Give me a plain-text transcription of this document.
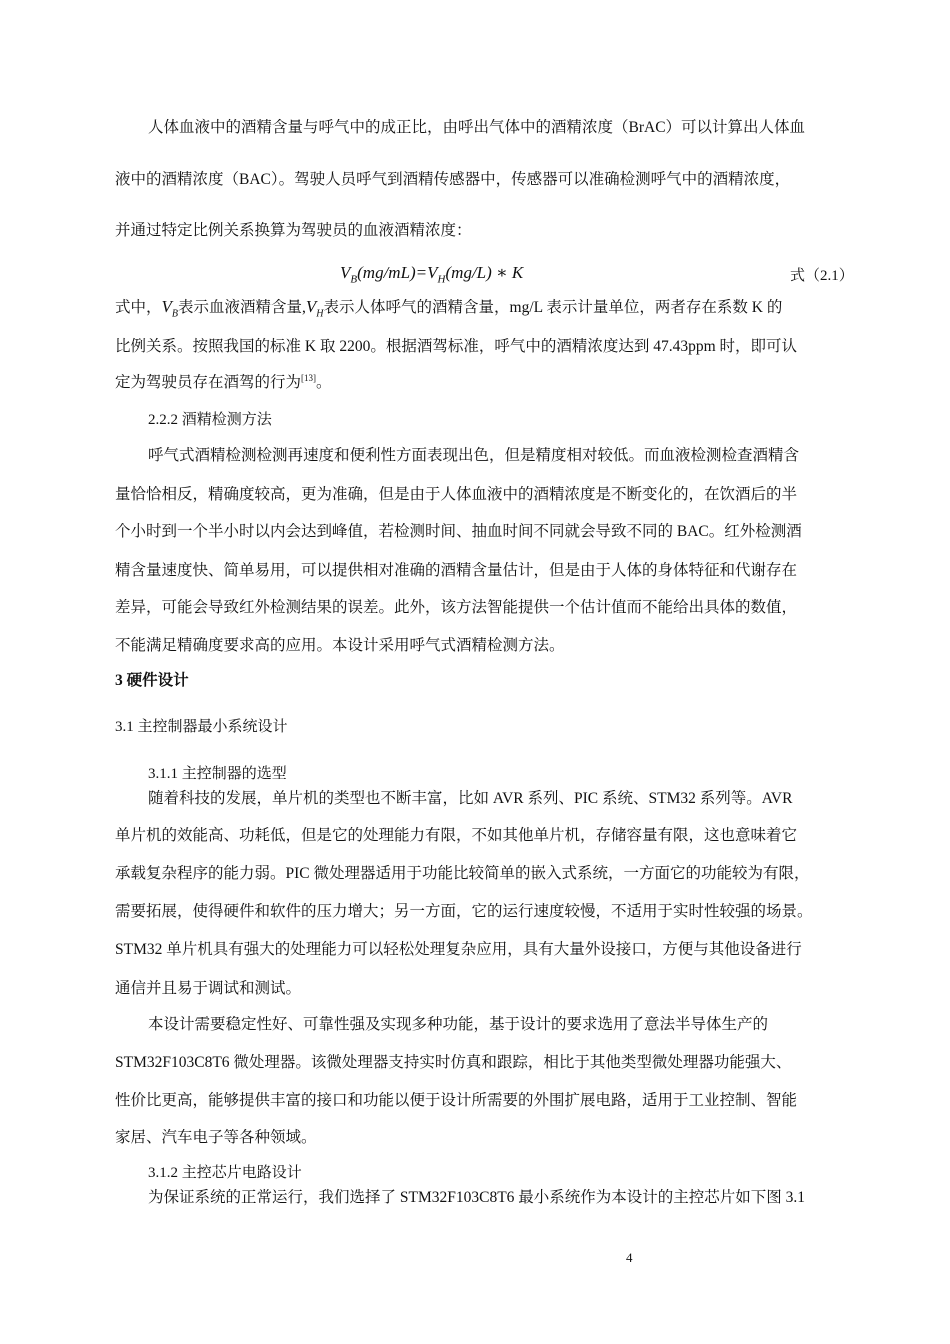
人体血液中的酒精含量与呼气中的成正比，由呼出气体中的酒精浓度（BrAC）可以计算出人体血
液中的酒精浓度（BAC）。驾驶人员呼气到酒精传感器中，传感器可以准确检测呼气中的酒精浓度，
并通过特定比例关系换算为驾驶员的血液酒精浓度：
$V_B(mg/mL)=V_H(mg/L)$ ∗ K	式（2.1）
式中，$V_B$表示血液酒精含量$,V_H$表示人体呼气的酒精含量，mg/L 表示计量单位，两者存在系数 K 的
比例关系。按照我国的标准 K 取 2200。根据酒驾标准，呼气中的酒精浓度达到 47.43ppm 时，即可认
定为驾驶员存在酒驾的行为[13]。
2.2.2 酒精检测方法
呼气式酒精检测检测再速度和便利性方面表现出色，但是精度相对较低。而血液检测检查酒精含
量恰恰相反，精确度较高，更为准确，但是由于人体血液中的酒精浓度是不断变化的，在饮酒后的半
个小时到一个半小时以内会达到峰值，若检测时间、抽血时间不同就会导致不同的 BAC。红外检测酒
精含量速度快、简单易用，可以提供相对准确的酒精含量估计，但是由于人体的身体特征和代谢存在
差异，可能会导致红外检测结果的误差。此外，该方法智能提供一个估计值而不能给出具体的数值，
不能满足精确度要求高的应用。本设计采用呼气式酒精检测方法。
3 硬件设计
3.1 主控制器最小系统设计
3.1.1 主控制器的选型
随着科技的发展，单片机的类型也不断丰富，比如 AVR 系列、PIC 系统、STM32 系列等。AVR
单片机的效能高、功耗低，但是它的处理能力有限，不如其他单片机，存储容量有限，这也意味着它
承载复杂程序的能力弱。PIC 微处理器适用于功能比较简单的嵌入式系统，一方面它的功能较为有限，
需要拓展，使得硬件和软件的压力增大；另一方面，它的运行速度较慢，不适用于实时性较强的场景。
STM32 单片机具有强大的处理能力可以轻松处理复杂应用，具有大量外设接口，方便与其他设备进行
通信并且易于调试和测试。
本设计需要稳定性好、可靠性强及实现多种功能，基于设计的要求选用了意法半导体生产的
STM32F103C8T6 微处理器。该微处理器支持实时仿真和跟踪，相比于其他类型微处理器功能强大、
性价比更高，能够提供丰富的接口和功能以便于设计所需要的外围扩展电路，适用于工业控制、智能
家居、汽车电子等各种领域。
3.1.2 主控芯片电路设计
为保证系统的正常运行，我们选择了 STM32F103C8T6 最小系统作为本设计的主控芯片如下图 3.1
4
